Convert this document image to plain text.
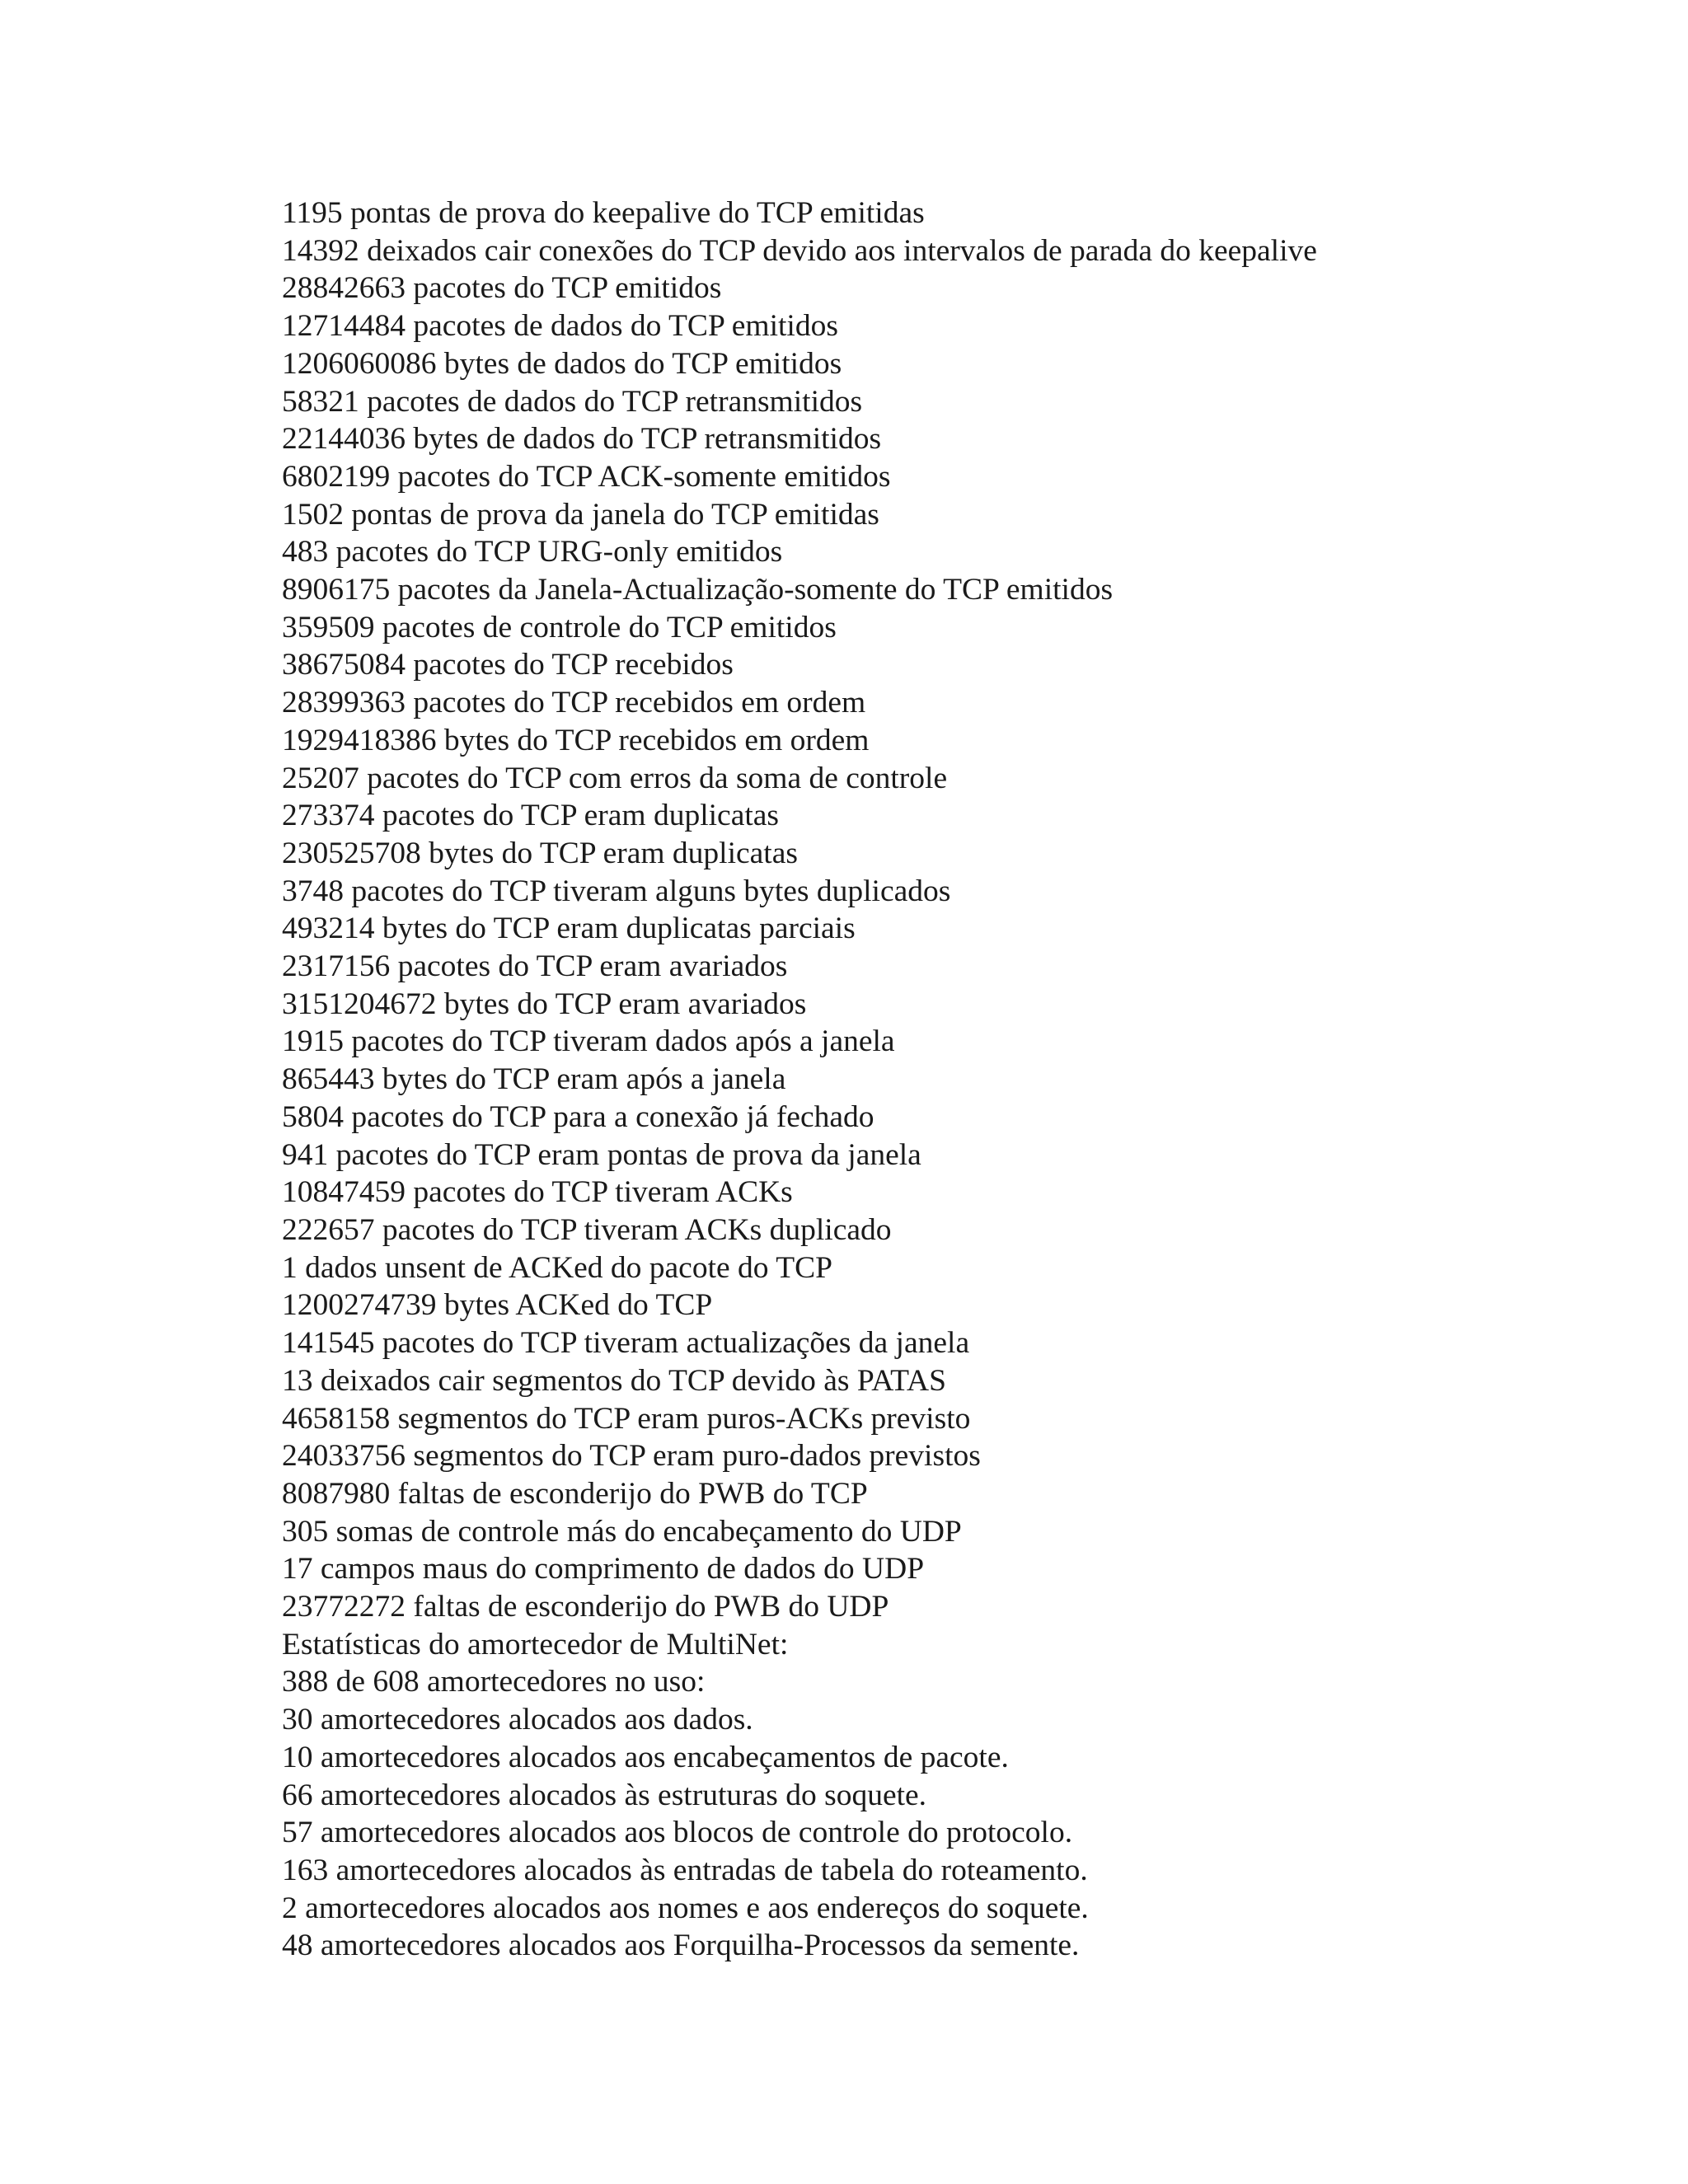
1195 pontas de prova do keepalive do TCP emitidas
14392 deixados cair conexões do TCP devido aos intervalos de parada do keepalive
28842663 pacotes do TCP emitidos
12714484 pacotes de dados do TCP emitidos
1206060086 bytes de dados do TCP emitidos
58321 pacotes de dados do TCP retransmitidos
22144036 bytes de dados do TCP retransmitidos
6802199 pacotes do TCP ACK-somente emitidos
1502 pontas de prova da janela do TCP emitidas
483 pacotes do TCP URG-only emitidos
8906175 pacotes da Janela-Actualização-somente do TCP emitidos
359509 pacotes de controle do TCP emitidos
38675084 pacotes do TCP recebidos
28399363 pacotes do TCP recebidos em ordem
1929418386 bytes do TCP recebidos em ordem
25207 pacotes do TCP com erros da soma de controle
273374 pacotes do TCP eram duplicatas
230525708 bytes do TCP eram duplicatas
3748 pacotes do TCP tiveram alguns bytes duplicados
493214 bytes do TCP eram duplicatas parciais
2317156 pacotes do TCP eram avariados
3151204672 bytes do TCP eram avariados
1915 pacotes do TCP tiveram dados após a janela
865443 bytes do TCP eram após a janela
5804 pacotes do TCP para a conexão já fechado
941 pacotes do TCP eram pontas de prova da janela
10847459 pacotes do TCP tiveram ACKs
222657 pacotes do TCP tiveram ACKs duplicado
1 dados unsent de ACKed do pacote do TCP
1200274739 bytes ACKed do TCP
141545 pacotes do TCP tiveram actualizações da janela
13 deixados cair segmentos do TCP devido às PATAS
4658158 segmentos do TCP eram puros-ACKs previsto
24033756 segmentos do TCP eram puro-dados previstos
8087980 faltas de esconderijo do PWB do TCP
305 somas de controle más do encabeçamento do UDP
17 campos maus do comprimento de dados do UDP
23772272 faltas de esconderijo do PWB do UDP
Estatísticas do amortecedor de MultiNet:
388 de 608 amortecedores no uso:
30 amortecedores alocados aos dados.
10 amortecedores alocados aos encabeçamentos de pacote.
66 amortecedores alocados às estruturas do soquete.
57 amortecedores alocados aos blocos de controle do protocolo.
163 amortecedores alocados às entradas de tabela do roteamento.
2 amortecedores alocados aos nomes e aos endereços do soquete.
48 amortecedores alocados aos Forquilha-Processos da semente.
